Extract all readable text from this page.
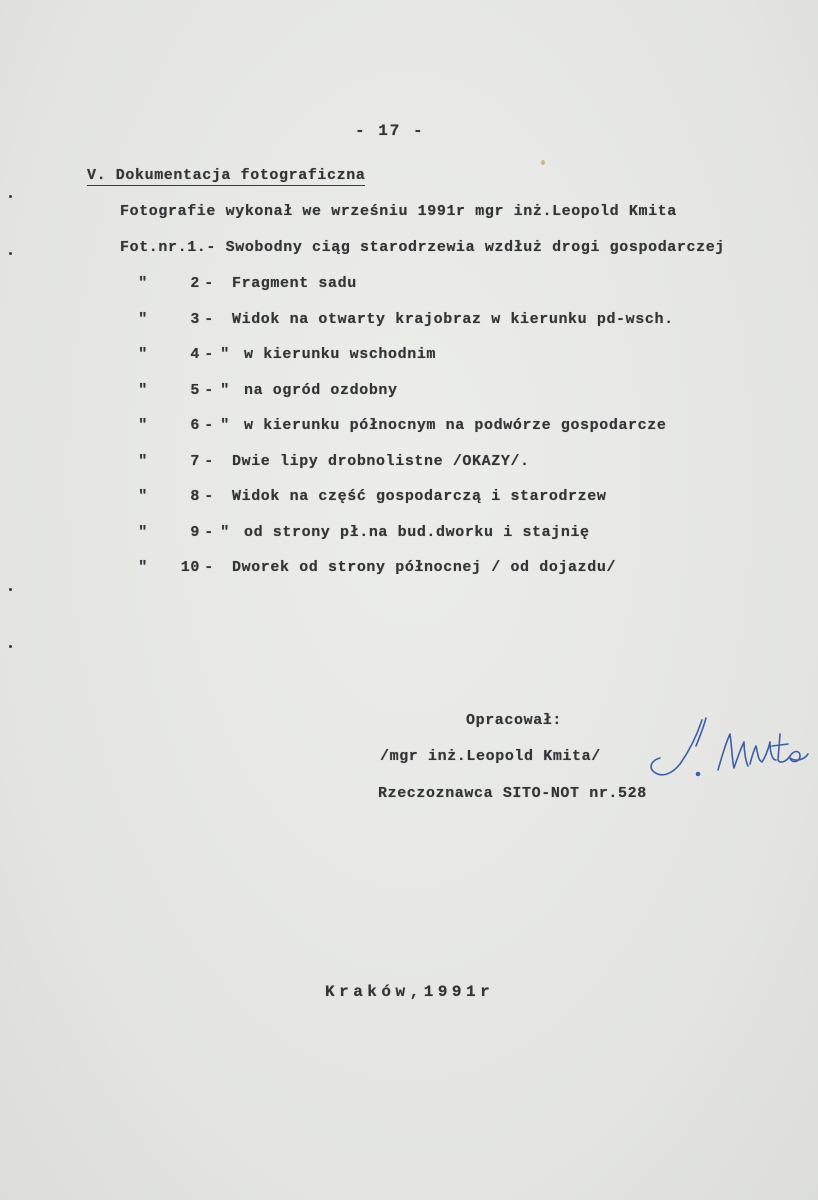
- 17 -
V. Dokumentacja fotograficzna
Fotografie wykonał we wrześniu 1991r mgr inż.Leopold Kmita
Fot.nr.1.- Swobodny ciąg starodrzewia wzdłuż drogi gospodarczej
"	2 - Fragment sadu
"	3 - Widok na otwarty krajobraz w kierunku pd-wsch.
"	4 - " w kierunku wschodnim
"	5 - " na ogród ozdobny
"	6 - " w kierunku północnym na podwórze gospodarcze
"	7 - Dwie lipy drobnolistne /OKAZY/.
"	8 - Widok na część gospodarczą i starodrzew
"	9 - " od strony pł.na bud.dworku i stajnię
" 10 - Dworek od strony północnej / od dojazdu/
Opracował:
/mgr inż.Leopold Kmita/
Rzeczoznawca SITO-NOT nr.528
Kraków,1991r
